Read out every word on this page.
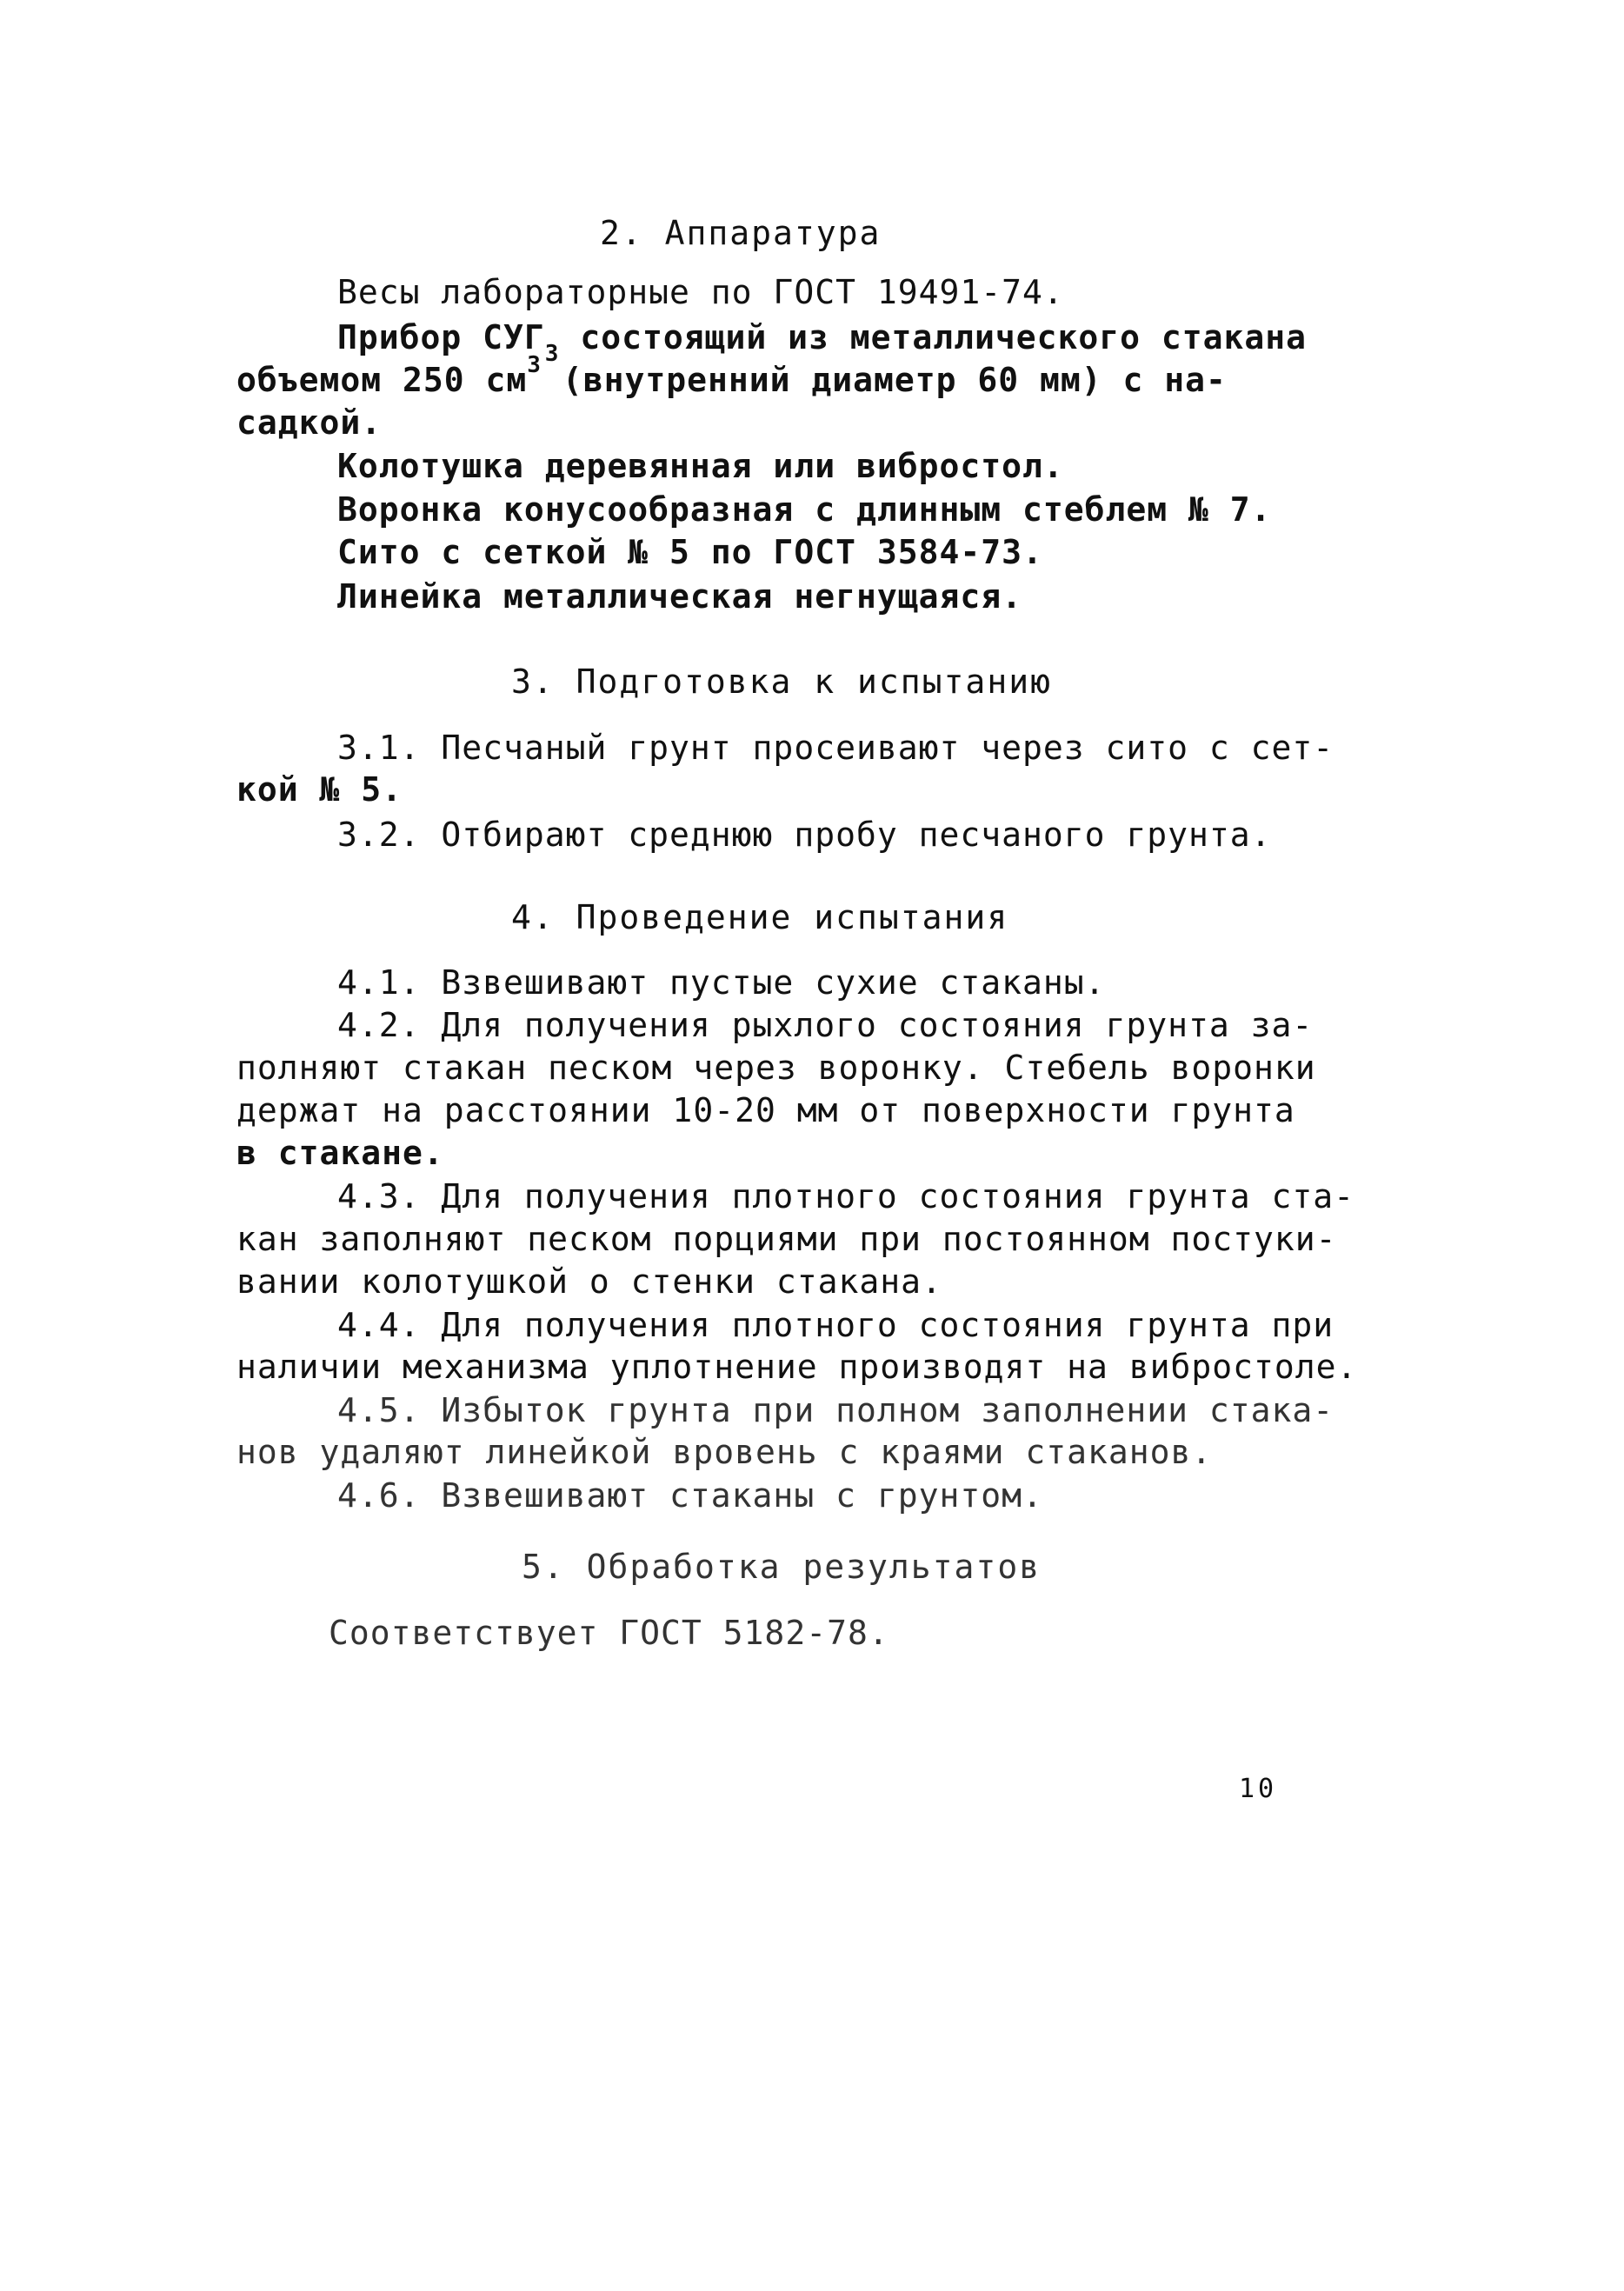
2. Аппаратура
Весы лабораторные по ГОСТ 19491-74.
Прибор $СУГ_3$ состоящий из металлического стакана
объемом 250 $см^3$ (внутренний диаметр 60 мм) с на-
садкой.
Колотушка деревянная или вибростол.
Воронка конусообразная с длинным стеблем № 7.
Сито с сеткой № 5 по ГОСТ 3584-73.
Линейка металлическая негнущаяся.
3. Подготовка к испытанию
3.1. Песчаный грунт просеивают через сито с сет-
кой № 5.
3.2. Отбирают среднюю пробу песчаного грунта.
4. Проведение испытания
4.1. Взвешивают пустые сухие стаканы.
4.2. Для получения рыхлого состояния грунта за-
полняют стакан песком через воронку. Стебель воронки
держат на расстоянии 10-20 мм от поверхности грунта
в стакане.
4.3. Для получения плотного состояния грунта ста-
кан заполняют песком порциями при постоянном постуки-
вании колотушкой о стенки стакана.
4.4. Для получения плотного состояния грунта при
наличии механизма уплотнение производят на вибростоле.
4.5. Избыток грунта при полном заполнении стака-
нов удаляют линейкой вровень с краями стаканов.
4.6. Взвешивают стаканы с грунтом.
5. Обработка результатов
Соответствует ГОСТ 5182-78.
10
